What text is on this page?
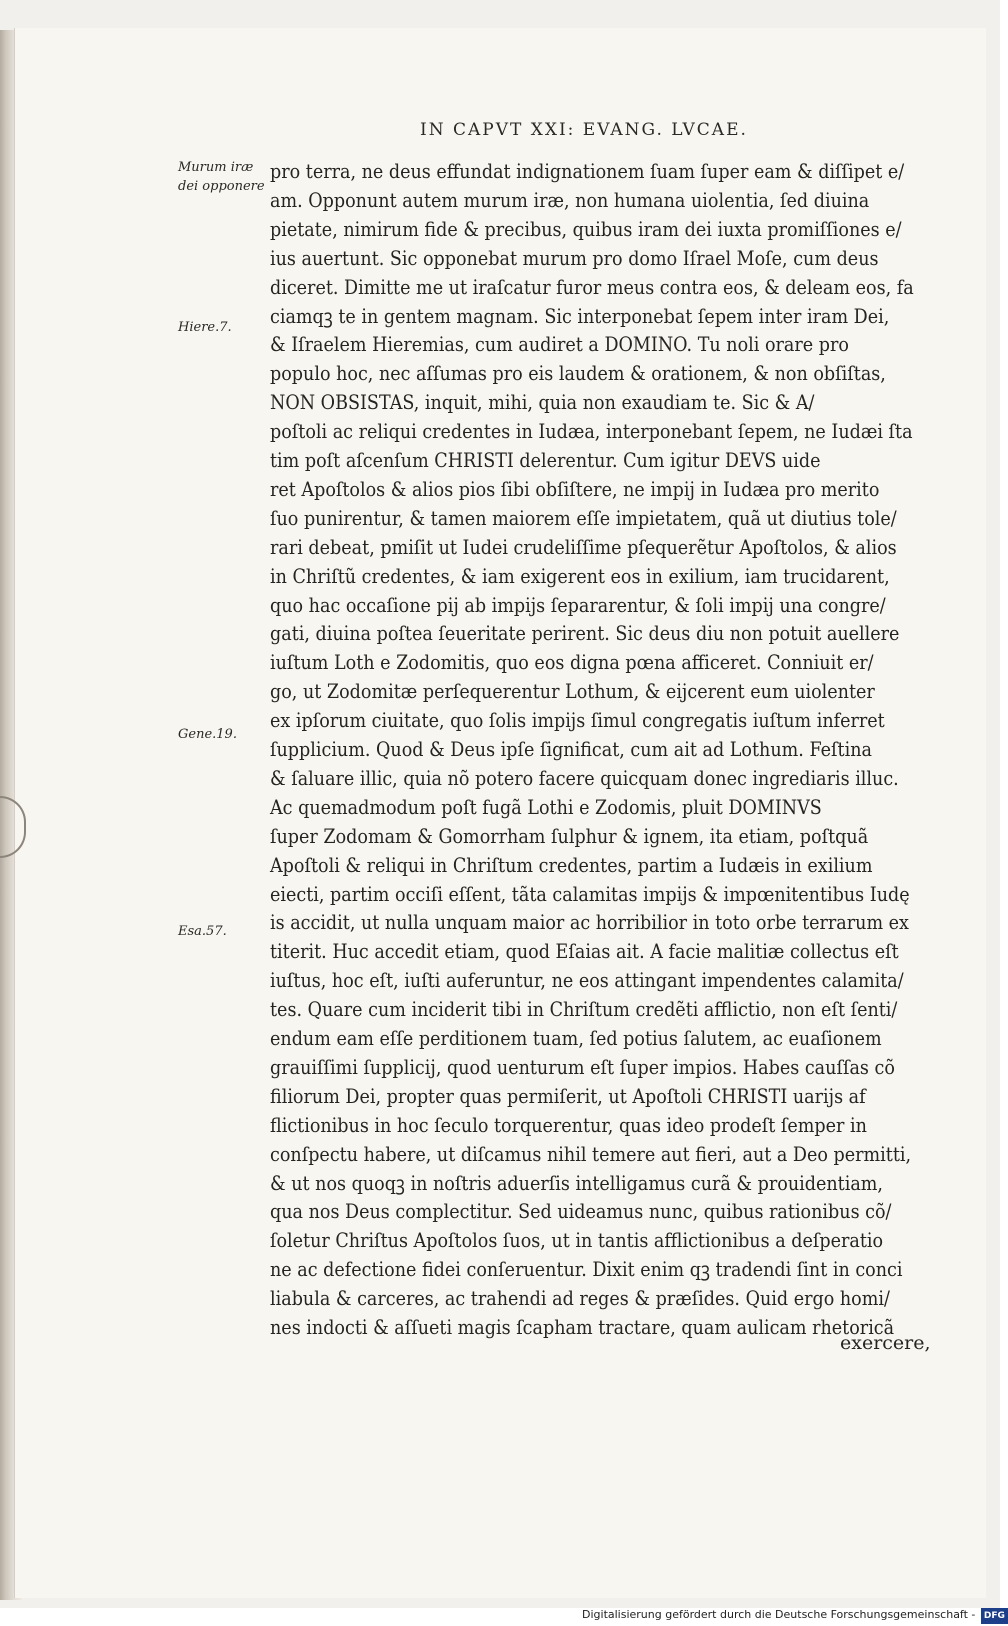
IN CAPVT XXI: EVANG. LVCAE.
Murum iræ dei opponere
Hiere.7.
Gene.19.
Esa.57.
pro terra, ne deus effundat indignationem ſuam ſuper eam & diſſipet e/
am. Opponunt autem murum iræ, non humana uiolentia, ſed diuina
pietate, nimirum fide & precibus, quibus iram dei iuxta promiſſiones e/
ius auertunt. Sic opponebat murum pro domo Iſrael Moſe, cum deus
diceret. Dimitte me ut iraſcatur furor meus contra eos, & deleam eos, fa
ciamqꝫ te in gentem magnam. Sic interponebat ſepem inter iram Dei,
& Iſraelem Hieremias, cum audiret a DOMINO. Tu noli orare pro
populo hoc, nec aſſumas pro eis laudem & orationem, & non obſiſtas,
NON OBSISTAS, inquit, mihi, quia non exaudiam te. Sic & A/
poſtoli ac reliqui credentes in Iudæa, interponebant ſepem, ne Iudæi ſta
tim poſt aſcenſum CHRISTI delerentur. Cum igitur DEVS uide
ret Apoſtolos & alios pios ſibi obſiſtere, ne impij in Iudæa pro merito
ſuo punirentur, & tamen maiorem eſſe impietatem, quã ut diutius tole/
rari debeat, pmiſit ut Iudei crudeliſſime pſequerẽtur Apoſtolos, & alios
in Chriſtũ credentes, & iam exigerent eos in exilium, iam trucidarent,
quo hac occaſione pij ab impijs ſepararentur, & ſoli impij una congre/
gati, diuina poſtea ſeueritate perirent. Sic deus diu non potuit auellere
iuſtum Loth e Zodomitis, quo eos digna pœna afficeret. Conniuit er/
go, ut Zodomitæ perſequerentur Lothum, & eijcerent eum uiolenter
ex ipſorum ciuitate, quo ſolis impijs ſimul congregatis iuſtum inferret
ſupplicium. Quod & Deus ipſe ſignificat, cum ait ad Lothum. Feſtina
& ſaluare illic, quia nõ potero facere quicquam donec ingrediaris illuc.
Ac quemadmodum poſt fugã Lothi e Zodomis, pluit DOMINVS
ſuper Zodomam & Gomorrham ſulphur & ignem, ita etiam, poſtquã
Apoſtoli & reliqui in Chriſtum credentes, partim a Iudæis in exilium
eiecti, partim occiſi eſſent, tãta calamitas impijs & impœnitentibus Iudę
is accidit, ut nulla unquam maior ac horribilior in toto orbe terrarum ex
titerit. Huc accedit etiam, quod Eſaias ait. A facie malitiæ collectus eſt
iuſtus, hoc eſt, iuſti auferuntur, ne eos attingant impendentes calamita/
tes. Quare cum inciderit tibi in Chriſtum credẽti afflictio, non eſt ſenti/
endum eam eſſe perditionem tuam, ſed potius ſalutem, ac euaſionem
grauiſſimi ſupplicij, quod uenturum eſt ſuper impios. Habes cauſſas cõ
filiorum Dei, propter quas permiſerit, ut Apoſtoli CHRISTI uarijs af
flictionibus in hoc ſeculo torquerentur, quas ideo prodeſt ſemper in
conſpectu habere, ut diſcamus nihil temere aut fieri, aut a Deo permitti,
& ut nos quoqꝫ in noſtris aduerſis intelligamus curã & prouidentiam,
qua nos Deus complectitur. Sed uideamus nunc, quibus rationibus cõ/
ſoletur Chriſtus Apoſtolos ſuos, ut in tantis afflictionibus a deſperatio
ne ac defectione fidei conſeruentur. Dixit enim qꝫ tradendi ſint in conci
liabula & carceres, ac trahendi ad reges & præſides. Quid ergo homi/
nes indocti & aſſueti magis ſcapham tractare, quam aulicam rhetoricã
exercere,
Digitalisierung gefördert durch die Deutsche Forschungsgemeinschaft - DFG
